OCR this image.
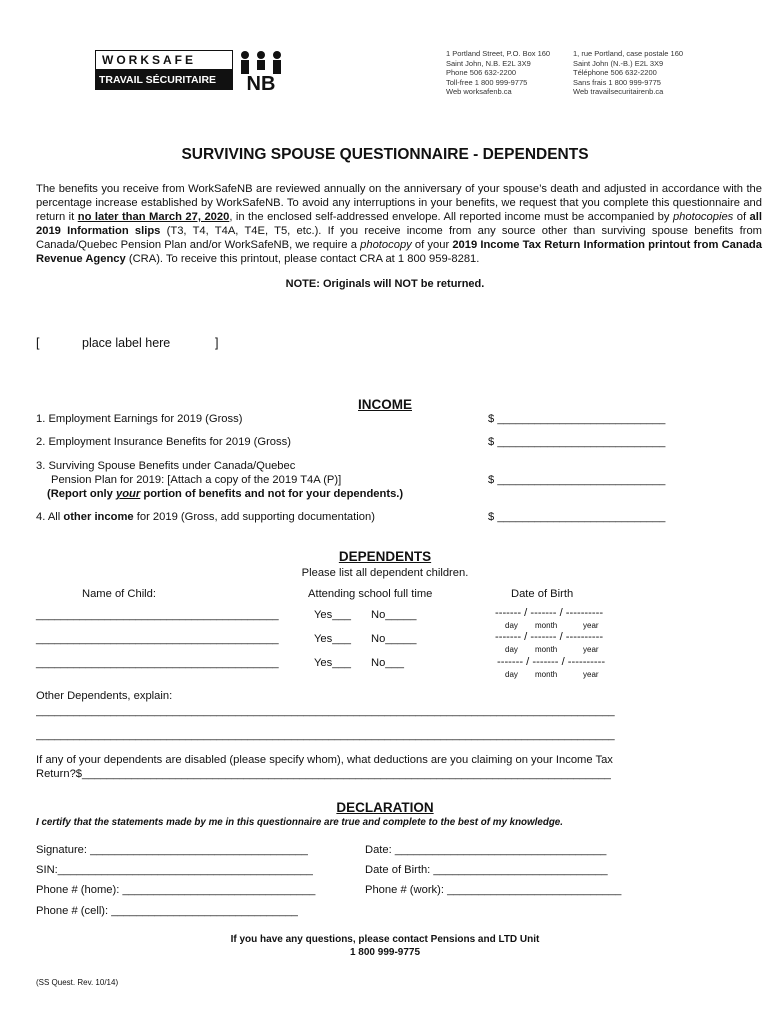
WORKSAFE
TRAVAIL SÉCURITAIRE	NB
1 Portland Street, P.O. Box 160
Saint John, N.B. E2L 3X9
Phone 506 632-2200
Toll-free 1 800 999-9775
Web worksafenb.ca
1, rue Portland, case postale 160
Saint John (N.-B.) E2L 3X9
Téléphone 506 632-2200
Sans frais 1 800 999-9775
Web travailsecuritairenb.ca
SURVIVING SPOUSE QUESTIONNAIRE - DEPENDENTS
The benefits you receive from WorkSafeNB are reviewed annually on the anniversary of your spouse’s death and adjusted in accordance with the percentage increase established by WorkSafeNB. To avoid any interruptions in your benefits, we request that you complete this questionnaire and return it no later than March 27, 2020, in the enclosed self-addressed envelope. All reported income must be accompanied by photocopies of all 2019 Information slips (T3, T4, T4A, T4E, T5, etc.). If you receive income from any source other than surviving spouse benefits from Canada/Quebec Pension Plan and/or WorkSafeNB, we require a photocopy of your 2019 Income Tax Return Information printout from Canada Revenue Agency (CRA). To receive this printout, please contact CRA at 1 800 959-8281.
NOTE: Originals will NOT be returned.
[	place label here	]
INCOME
1. Employment Earnings for 2019 (Gross)	$ ___________________________
2. Employment Insurance Benefits for 2019 (Gross)	$ ___________________________
3. Surviving Spouse Benefits under Canada/Quebec
Pension Plan for 2019: [Attach a copy of the 2019 T4A (P)]
(Report only your portion of benefits and not for your dependents.)
$ ___________________________
4. All other income for 2019 (Gross, add supporting documentation)	$ ___________________________
DEPENDENTS
Please list all dependent children.
Name of Child:	Attending school full time	Date of Birth
_______________________________________	Yes___ No_____	------- / ------- / ----------
day month	year
_______________________________________	Yes___ No_____	------- / ------- / ----------
day month	year
_______________________________________	Yes___ No___	------- / ------- / ----------
day month	year
Other Dependents, explain:
_____________________________________________________________________________________________
_____________________________________________________________________________________________
If any of your dependents are disabled (please specify whom), what deductions are you claiming on your Income Tax
Return?$_____________________________________________________________________________________
DECLARATION
I certify that the statements made by me in this questionnaire are true and complete to the best of my knowledge.
Signature: ___________________________________	Date: __________________________________
SIN:_________________________________________	Date of Birth: ____________________________
Phone # (home): _______________________________	Phone # (work): ____________________________
Phone # (cell): ______________________________
If you have any questions, please contact Pensions and LTD Unit
1 800 999-9775
(SS Quest. Rev. 10/14)
